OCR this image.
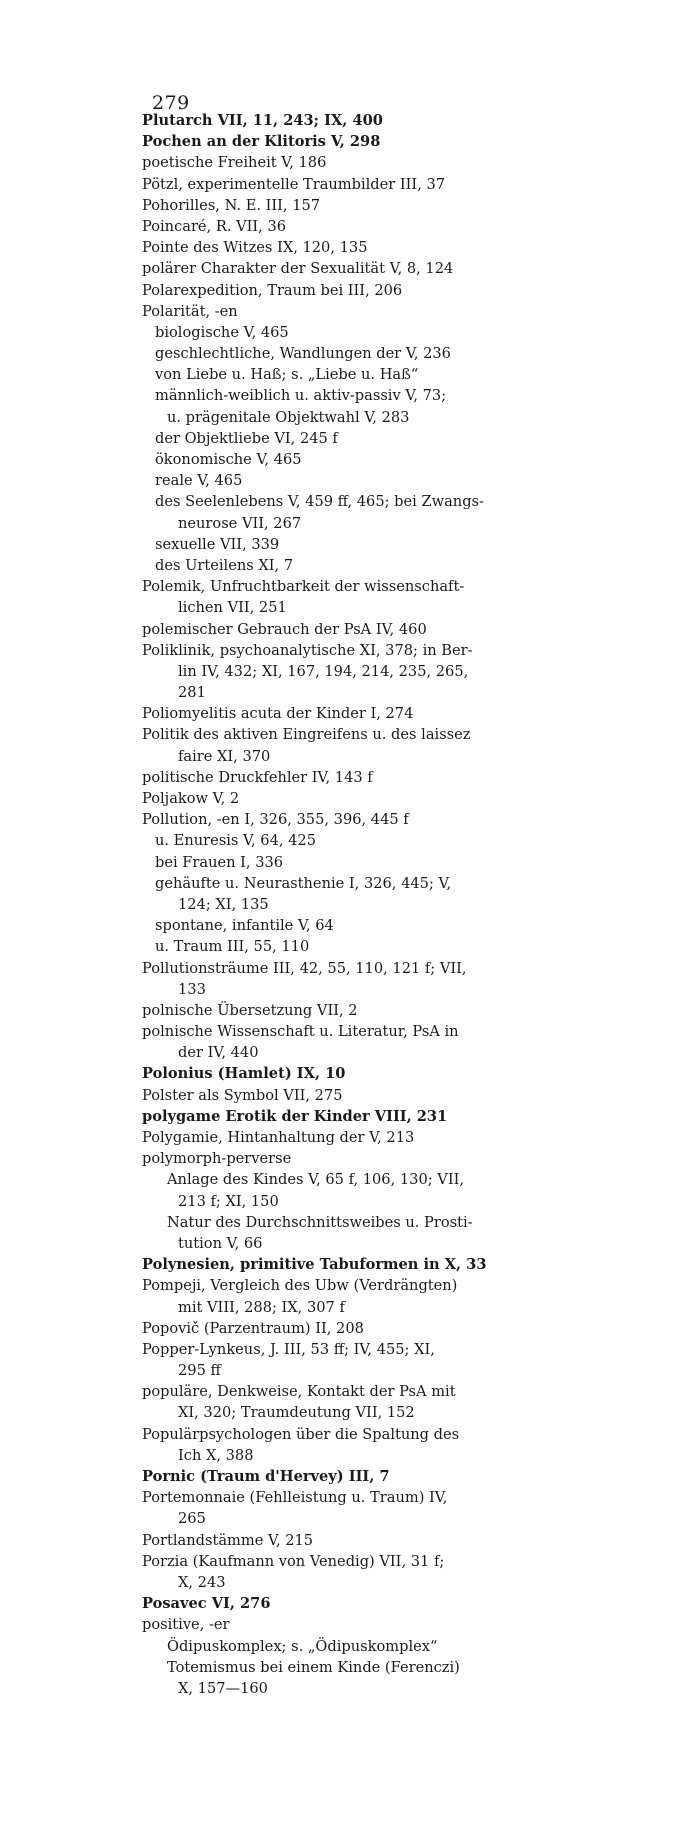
279
Plutarch VII, 11, 243; IX, 400
Pochen an der Klitoris V, 298
poetische Freiheit V, 186
Pötzl, experimentelle Traumbilder III, 37
Pohorilles, N. E. III, 157
Poincaré, R. VII, 36
Pointe des Witzes IX, 120, 135
polärer Charakter der Sexualität V, 8, 124
Polarexpedition, Traum bei III, 206
Polarität, -en
biologische V, 465
geschlechtliche, Wandlungen der V, 236
von Liebe u. Haß; s. „Liebe u. Haß“
männlich-weiblich u. aktiv-passiv V, 73;
u. prägenitale Objektwahl V, 283
der Objektliebe VI, 245 f
ökonomische V, 465
reale V, 465
des Seelenlebens V, 459 ff, 465; bei Zwangs-
neurose VII, 267
sexuelle VII, 339
des Urteilens XI, 7
Polemik, Unfruchtbarkeit der wissenschaft-
lichen VII, 251
polemischer Gebrauch der PsA IV, 460
Poliklinik, psychoanalytische XI, 378; in Ber-
lin IV, 432; XI, 167, 194, 214, 235, 265,
281
Poliomyelitis acuta der Kinder I, 274
Politik des aktiven Eingreifens u. des laissez
faire XI, 370
politische Druckfehler IV, 143 f
Poljakow V, 2
Pollution, -en I, 326, 355, 396, 445 f
u. Enuresis V, 64, 425
bei Frauen I, 336
gehäufte u. Neurasthenie I, 326, 445; V,
124; XI, 135
spontane, infantile V, 64
u. Traum III, 55, 110
Pollutionsträume III, 42, 55, 110, 121 f; VII,
133
polnische Übersetzung VII, 2
polnische Wissenschaft u. Literatur, PsA in
der IV, 440
Polonius (Hamlet) IX, 10
Polster als Symbol VII, 275
polygame Erotik der Kinder VIII, 231
Polygamie, Hintanhaltung der V, 213
polymorph-perverse
Anlage des Kindes V, 65 f, 106, 130; VII,
213 f; XI, 150
Natur des Durchschnittsweibes u. Prosti-
tution V, 66
Polynesien, primitive Tabuformen in X, 33
Pompeji, Vergleich des Ubw (Verdrängten)
mit VIII, 288; IX, 307 f
Popovič (Parzentraum) II, 208
Popper-Lynkeus, J. III, 53 ff; IV, 455; XI,
295 ff
populäre, Denkweise, Kontakt der PsA mit
XI, 320; Traumdeutung VII, 152
Populärpsychologen über die Spaltung des
Ich X, 388
Pornic (Traum d'Hervey) III, 7
Portemonnaie (Fehlleistung u. Traum) IV,
265
Portlandstämme V, 215
Porzia (Kaufmann von Venedig) VII, 31 f;
X, 243
Posavec VI, 276
positive, -er
Ödipuskomplex; s. „Ödipuskomplex“
Totemismus bei einem Kinde (Ferenczi)
X, 157—160
